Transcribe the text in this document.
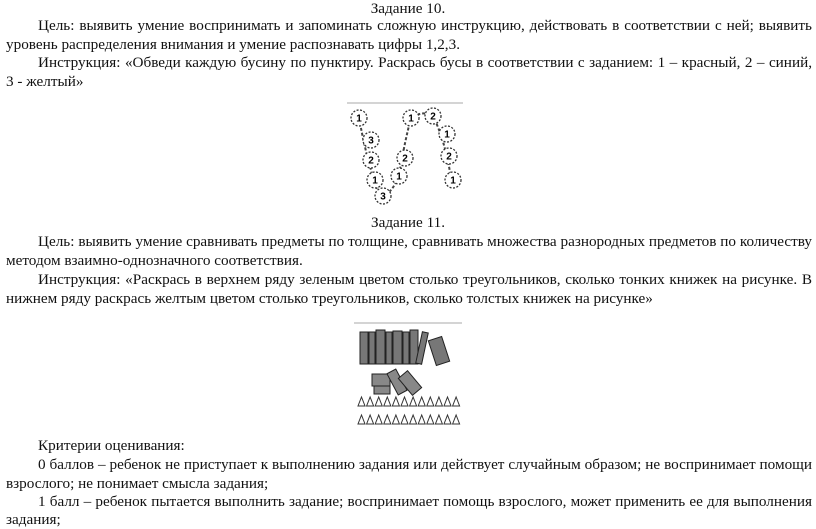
Задание 10.
Цель: выявить умение воспринимать и запоминать сложную инструкцию, действовать в соответствии с ней; выявить
уровень распределения внимания и умение распознавать цифры 1,2,3.
Инструкция: «Обведи каждую бусину по пунктиру. Раскрась бусы в соответствии с заданием: 1 – красный, 2 – синий,
3 - желтый»
1
3
2
1
3
1
2
1 2
1
2
1
Задание 11.
Цель: выявить умение сравнивать предметы по толщине, сравнивать множества разнородных предметов по количеству
методом взаимно-однозначного соответствия.
Инструкция: «Раскрась в верхнем ряду зеленым цветом столько треугольников, сколько тонких книжек на рисунке. В
нижнем ряду раскрась желтым цветом столько треугольников, сколько толстых книжек на рисунке»
Критерии оценивания:
0 баллов – ребенок не приступает к выполнению задания или действует случайным образом; не воспринимает помощи
взрослого; не понимает смысла задания;
1 балл – ребенок пытается выполнить задание; воспринимает помощь взрослого, может применить ее для выполнения
задания;
